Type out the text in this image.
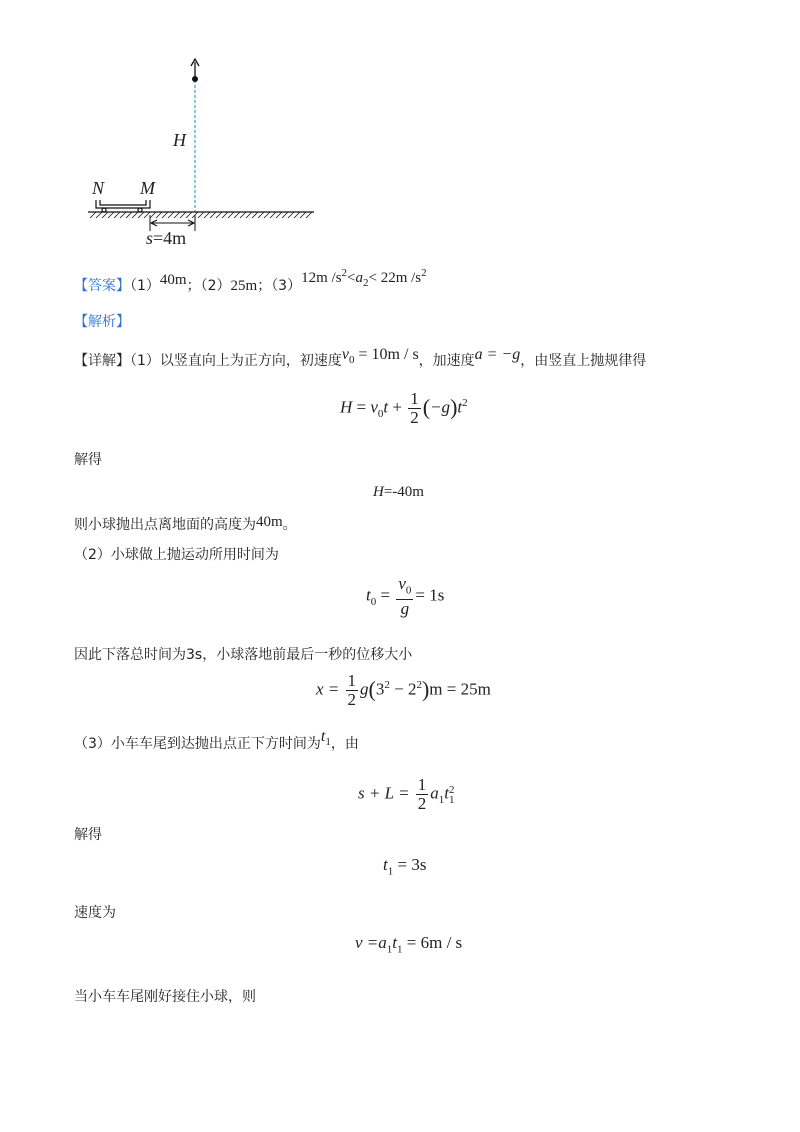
H
N M
s=4m
【答案】（1）40m；（2）25m；（3）12m $/s^2<a_2< 22m$ $/s^2$
【解析】
【详解】（1）以竖直向上为正方向，初速度$v_0 = 10m / s$，加速度a = −g，由竖直上抛规律得
$H = v_0t + \frac{1}{2} (-g)t^2$
解得
H=-40m
则小球抛出点离地面的高度为40m。
（2）小球做上抛运动所用时间为
$t_0 = \frac{v_0}{g} = 1s$
因此下落总时间为3s，小球落地前最后一秒的位移大小
$x = \frac{1}{2} g(3^2 - 2^2)m = 25m$
（3）小车车尾到达抛出点正下方时间为$t_1$，由
$s + L = \frac{1}{2} a_1t$ 2
1
解得
$t_1 = 3s$
速度为
$v =a_1t_1 = 6m / s$
当小车车尾刚好接住小球，则
